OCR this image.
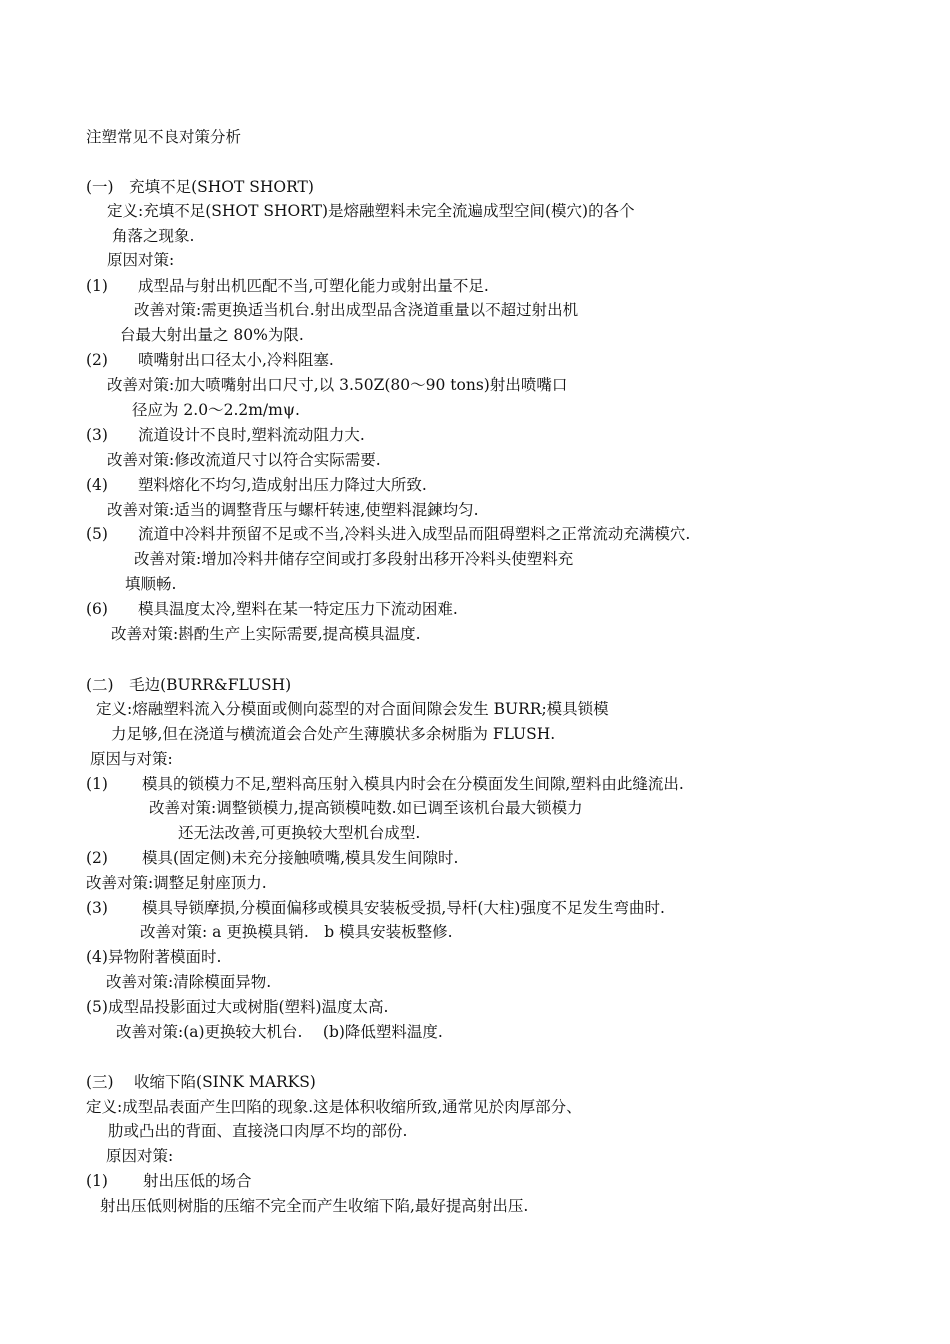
注塑常见不良对策分析
(一)　充填不足(SHOT SHORT)
定义:充填不足(SHOT SHORT)是熔融塑料未完全流遍成型空间(模穴)的各个
角落之现象.
原因对策:
(1) 成型品与射出机匹配不当,可塑化能力或射出量不足.
改善对策:需更换适当机台.射出成型品含浇道重量以不超过射出机
台最大射出量之 80%为限.
(2) 喷嘴射出口径太小,冷料阻塞.
改善对策:加大喷嘴射出口尺寸,以 3.50Z(80～90 tons)射出喷嘴口
径应为 2.0～2.2m/mψ.
(3) 流道设计不良时,塑料流动阻力大.
改善对策:修改流道尺寸以符合实际需要.
(4) 塑料熔化不均匀,造成射出压力降过大所致.
改善对策:适当的调整背压与螺杆转速,使塑料混鍊均匀.
(5) 流道中冷料井预留不足或不当,冷料头进入成型品而阻碍塑料之正常流动充满模穴.
改善对策:增加冷料井储存空间或打多段射出移开冷料头使塑料充
填顺畅.
(6) 模具温度太冷,塑料在某一特定压力下流动困难.
改善对策:斟酌生产上实际需要,提高模具温度.
(二)　毛边(BURR&FLUSH)
定义:熔融塑料流入分模面或侧向蕊型的对合面间隙会发生 BURR;模具锁模
力足够,但在浇道与横流道会合处产生薄膜状多余树脂为 FLUSH.
原因与对策:
(1) 模具的锁模力不足,塑料高压射入模具内时会在分模面发生间隙,塑料由此缝流出.
改善对策:调整锁模力,提高锁模吨数.如已调至该机台最大锁模力
还无法改善,可更换较大型机台成型.
(2) 模具(固定侧)未充分接触喷嘴,模具发生间隙时.
改善对策:调整足射座顶力.
(3) 模具导锁摩损,分模面偏移或模具安装板受损,导杆(大柱)强度不足发生弯曲时.
改善对策: a 更换模具销.　b 模具安装板整修.
(4)异物附著模面时.
改善对策:清除模面异物.
(5)成型品投影面过大或树脂(塑料)温度太高.
改善对策:(a)更换较大机台.　 (b)降低塑料温度.
(三)　 收缩下陷(SINK MARKS)
定义:成型品表面产生凹陷的现象.这是体积收缩所致,通常见於肉厚部分、
肋或凸出的背面、直接浇口肉厚不均的部份.
原因对策:
(1) 射出压低的场合
射出压低则树脂的压缩不完全而产生收缩下陷,最好提高射出压.
